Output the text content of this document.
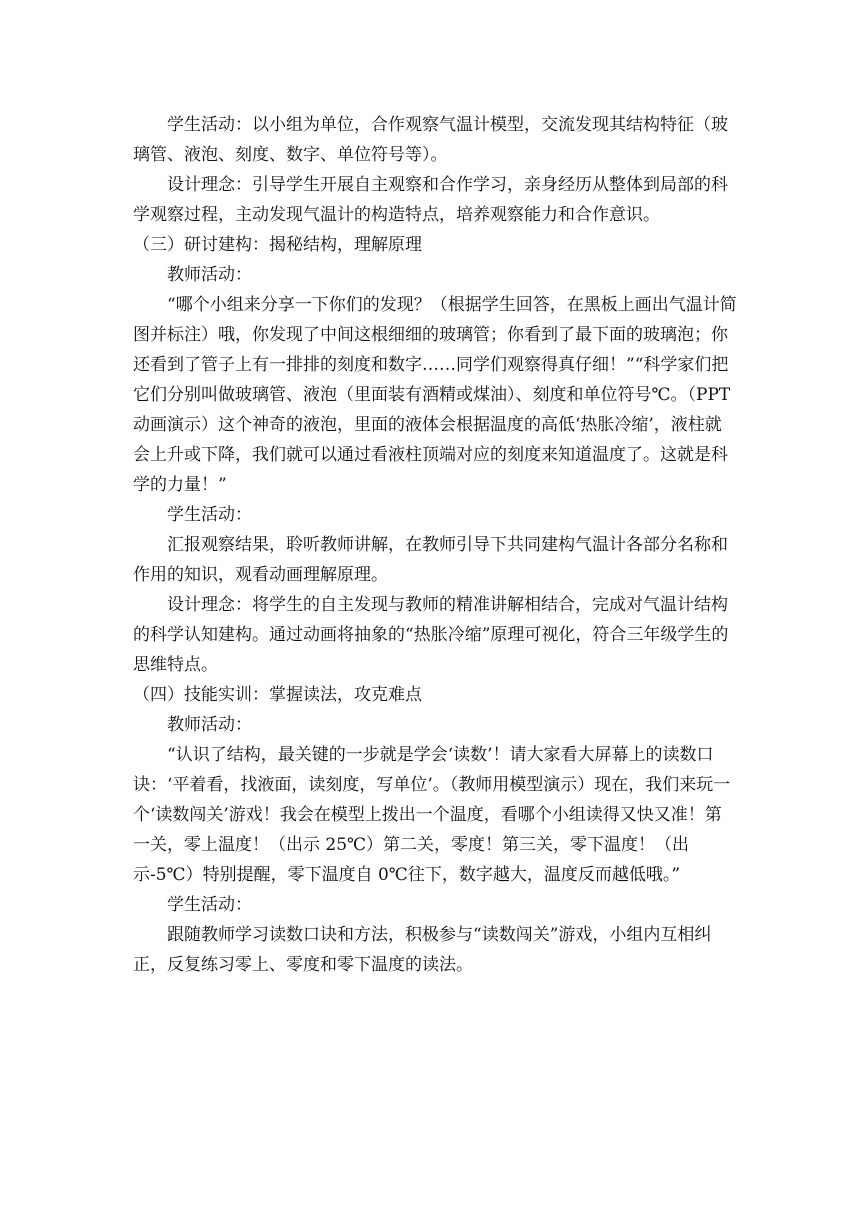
学生活动：以小组为单位，合作观察气温计模型，交流发现其结构特征（玻璃管、液泡、刻度、数字、单位符号等）。

设计理念：引导学生开展自主观察和合作学习，亲身经历从整体到局部的科学观察过程，主动发现气温计的构造特点，培养观察能力和合作意识。

（三）研讨建构：揭秘结构，理解原理

教师活动：

“哪个小组来分享一下你们的发现？（根据学生回答，在黑板上画出气温计简图并标注）哦，你发现了中间这根细细的玻璃管；你看到了最下面的玻璃泡；你还看到了管子上有一排排的刻度和数字……同学们观察得真仔细！”“科学家们把它们分别叫做玻璃管、液泡（里面装有酒精或煤油）、刻度和单位符号℃。（PPT 动画演示）这个神奇的液泡，里面的液体会根据温度的高低‘热胀冷缩’，液柱就会上升或下降，我们就可以通过看液柱顶端对应的刻度来知道温度了。这就是科学的力量！”

学生活动：

汇报观察结果，聆听教师讲解，在教师引导下共同建构气温计各部分名称和作用的知识，观看动画理解原理。

设计理念：将学生的自主发现与教师的精准讲解相结合，完成对气温计结构的科学认知建构。通过动画将抽象的“热胀冷缩”原理可视化，符合三年级学生的思维特点。

（四）技能实训：掌握读法，攻克难点

教师活动：

“认识了结构，最关键的一步就是学会‘读数’！请大家看大屏幕上的读数口诀：‘平着看，找液面，读刻度，写单位’。（教师用模型演示）现在，我们来玩一个‘读数闯关’游戏！我会在模型上拨出一个温度，看哪个小组读得又快又准！第一关，零上温度！（出示 25℃）第二关，零度！第三关，零下温度！（出示-5℃）特别提醒，零下温度自 0℃往下，数字越大，温度反而越低哦。”

学生活动：

跟随教师学习读数口诀和方法，积极参与“读数闯关”游戏，小组内互相纠正，反复练习零上、零度和零下温度的读法。
